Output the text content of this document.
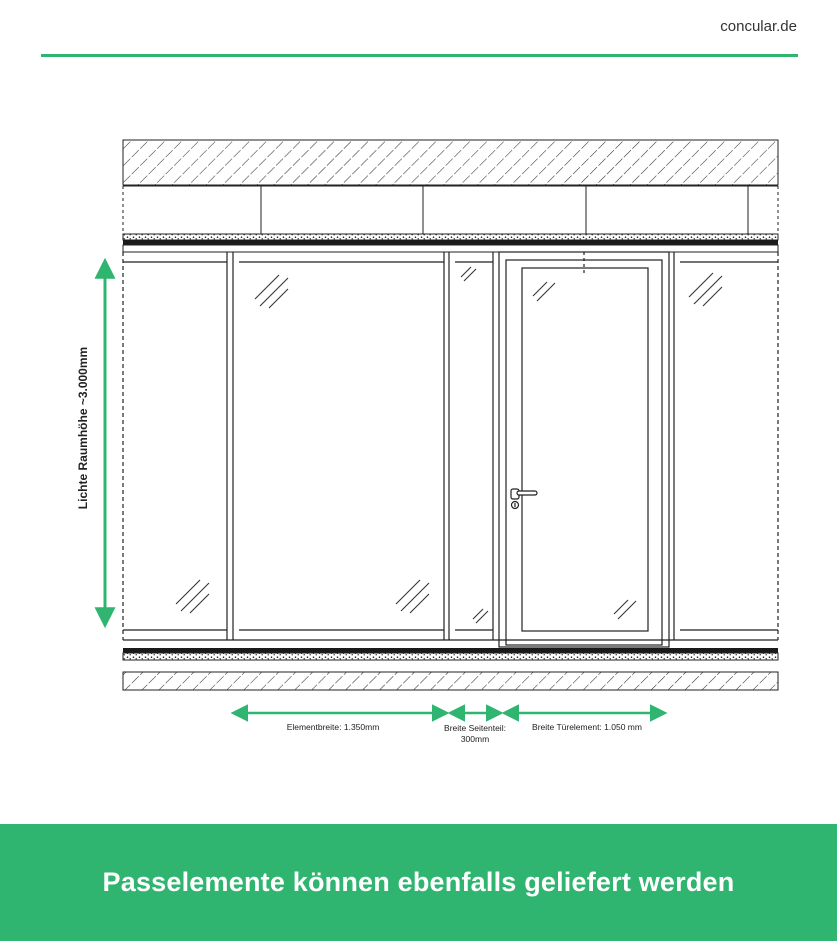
concular.de
Lichte Raumhöhe ~3.000mm
Elementbreite: 1.350mm	Breite Seitenteil:
300mm
Breite Türelement: 1.050 mm
Passelemente können ebenfalls geliefert werden
